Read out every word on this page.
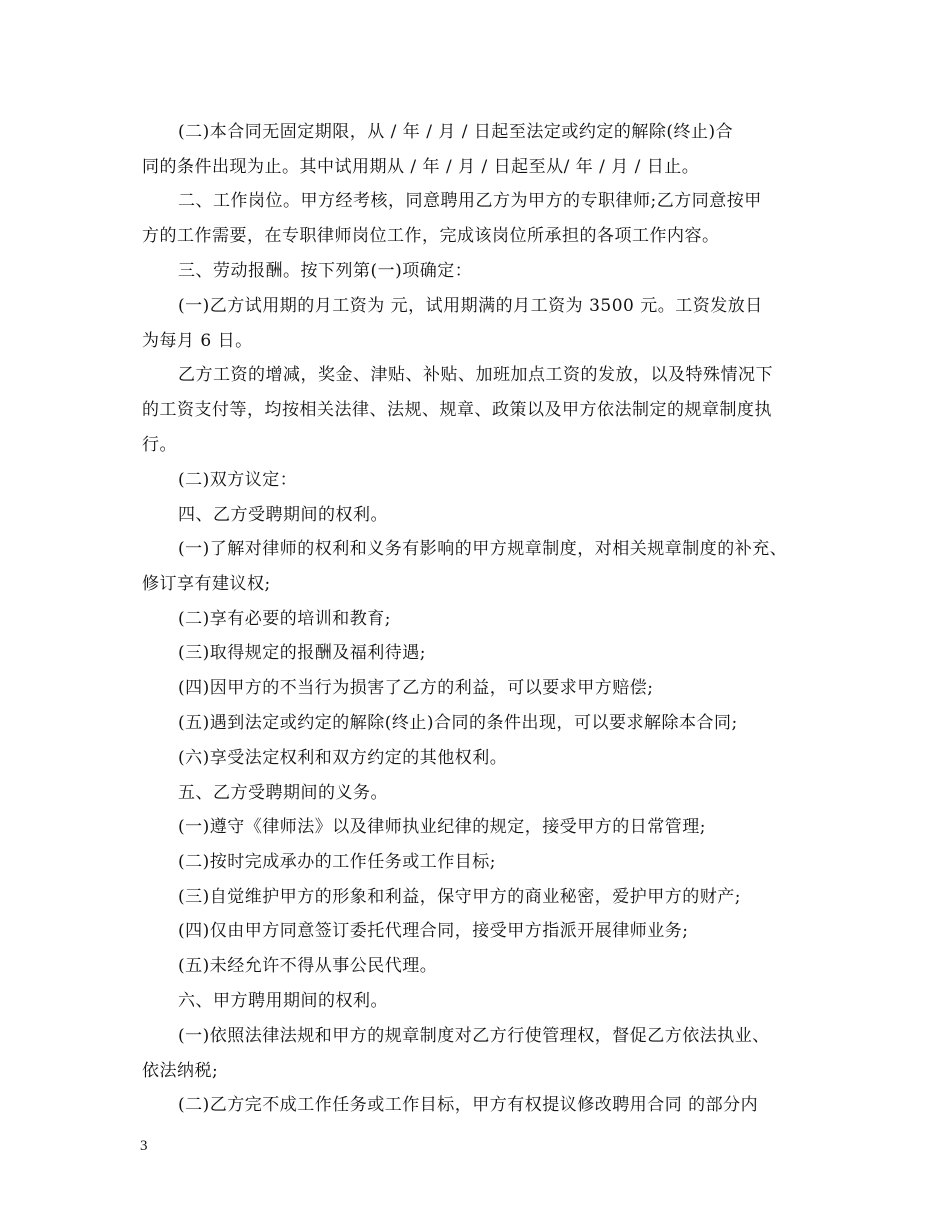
(二)本合同无固定期限，从 / 年 / 月 / 日起至法定或约定的解除(终止)合
同的条件出现为止。其中试用期从 / 年 / 月 / 日起至从/ 年 / 月 / 日止。
二、工作岗位。甲方经考核，同意聘用乙方为甲方的专职律师;乙方同意按甲
方的工作需要，在专职律师岗位工作，完成该岗位所承担的各项工作内容。
三、劳动报酬。按下列第(一)项确定：
(一)乙方试用期的月工资为 元，试用期满的月工资为 3500 元。工资发放日
为每月 6 日。
乙方工资的增减，奖金、津贴、补贴、加班加点工资的发放，以及特殊情况下
的工资支付等，均按相关法律、法规、规章、政策以及甲方依法制定的规章制度执
行。
(二)双方议定：
四、乙方受聘期间的权利。
(一)了解对律师的权利和义务有影响的甲方规章制度，对相关规章制度的补充、
修订享有建议权;
(二)享有必要的培训和教育;
(三)取得规定的报酬及福利待遇;
(四)因甲方的不当行为损害了乙方的利益，可以要求甲方赔偿;
(五)遇到法定或约定的解除(终止)合同的条件出现，可以要求解除本合同;
(六)享受法定权利和双方约定的其他权利。
五、乙方受聘期间的义务。
(一)遵守《律师法》以及律师执业纪律的规定，接受甲方的日常管理;
(二)按时完成承办的工作任务或工作目标;
(三)自觉维护甲方的形象和利益，保守甲方的商业秘密，爱护甲方的财产;
(四)仅由甲方同意签订委托代理合同，接受甲方指派开展律师业务;
(五)未经允许不得从事公民代理。
六、甲方聘用期间的权利。
(一)依照法律法规和甲方的规章制度对乙方行使管理权，督促乙方依法执业、
依法纳税;
(二)乙方完不成工作任务或工作目标，甲方有权提议修改聘用合同 的部分内
3
